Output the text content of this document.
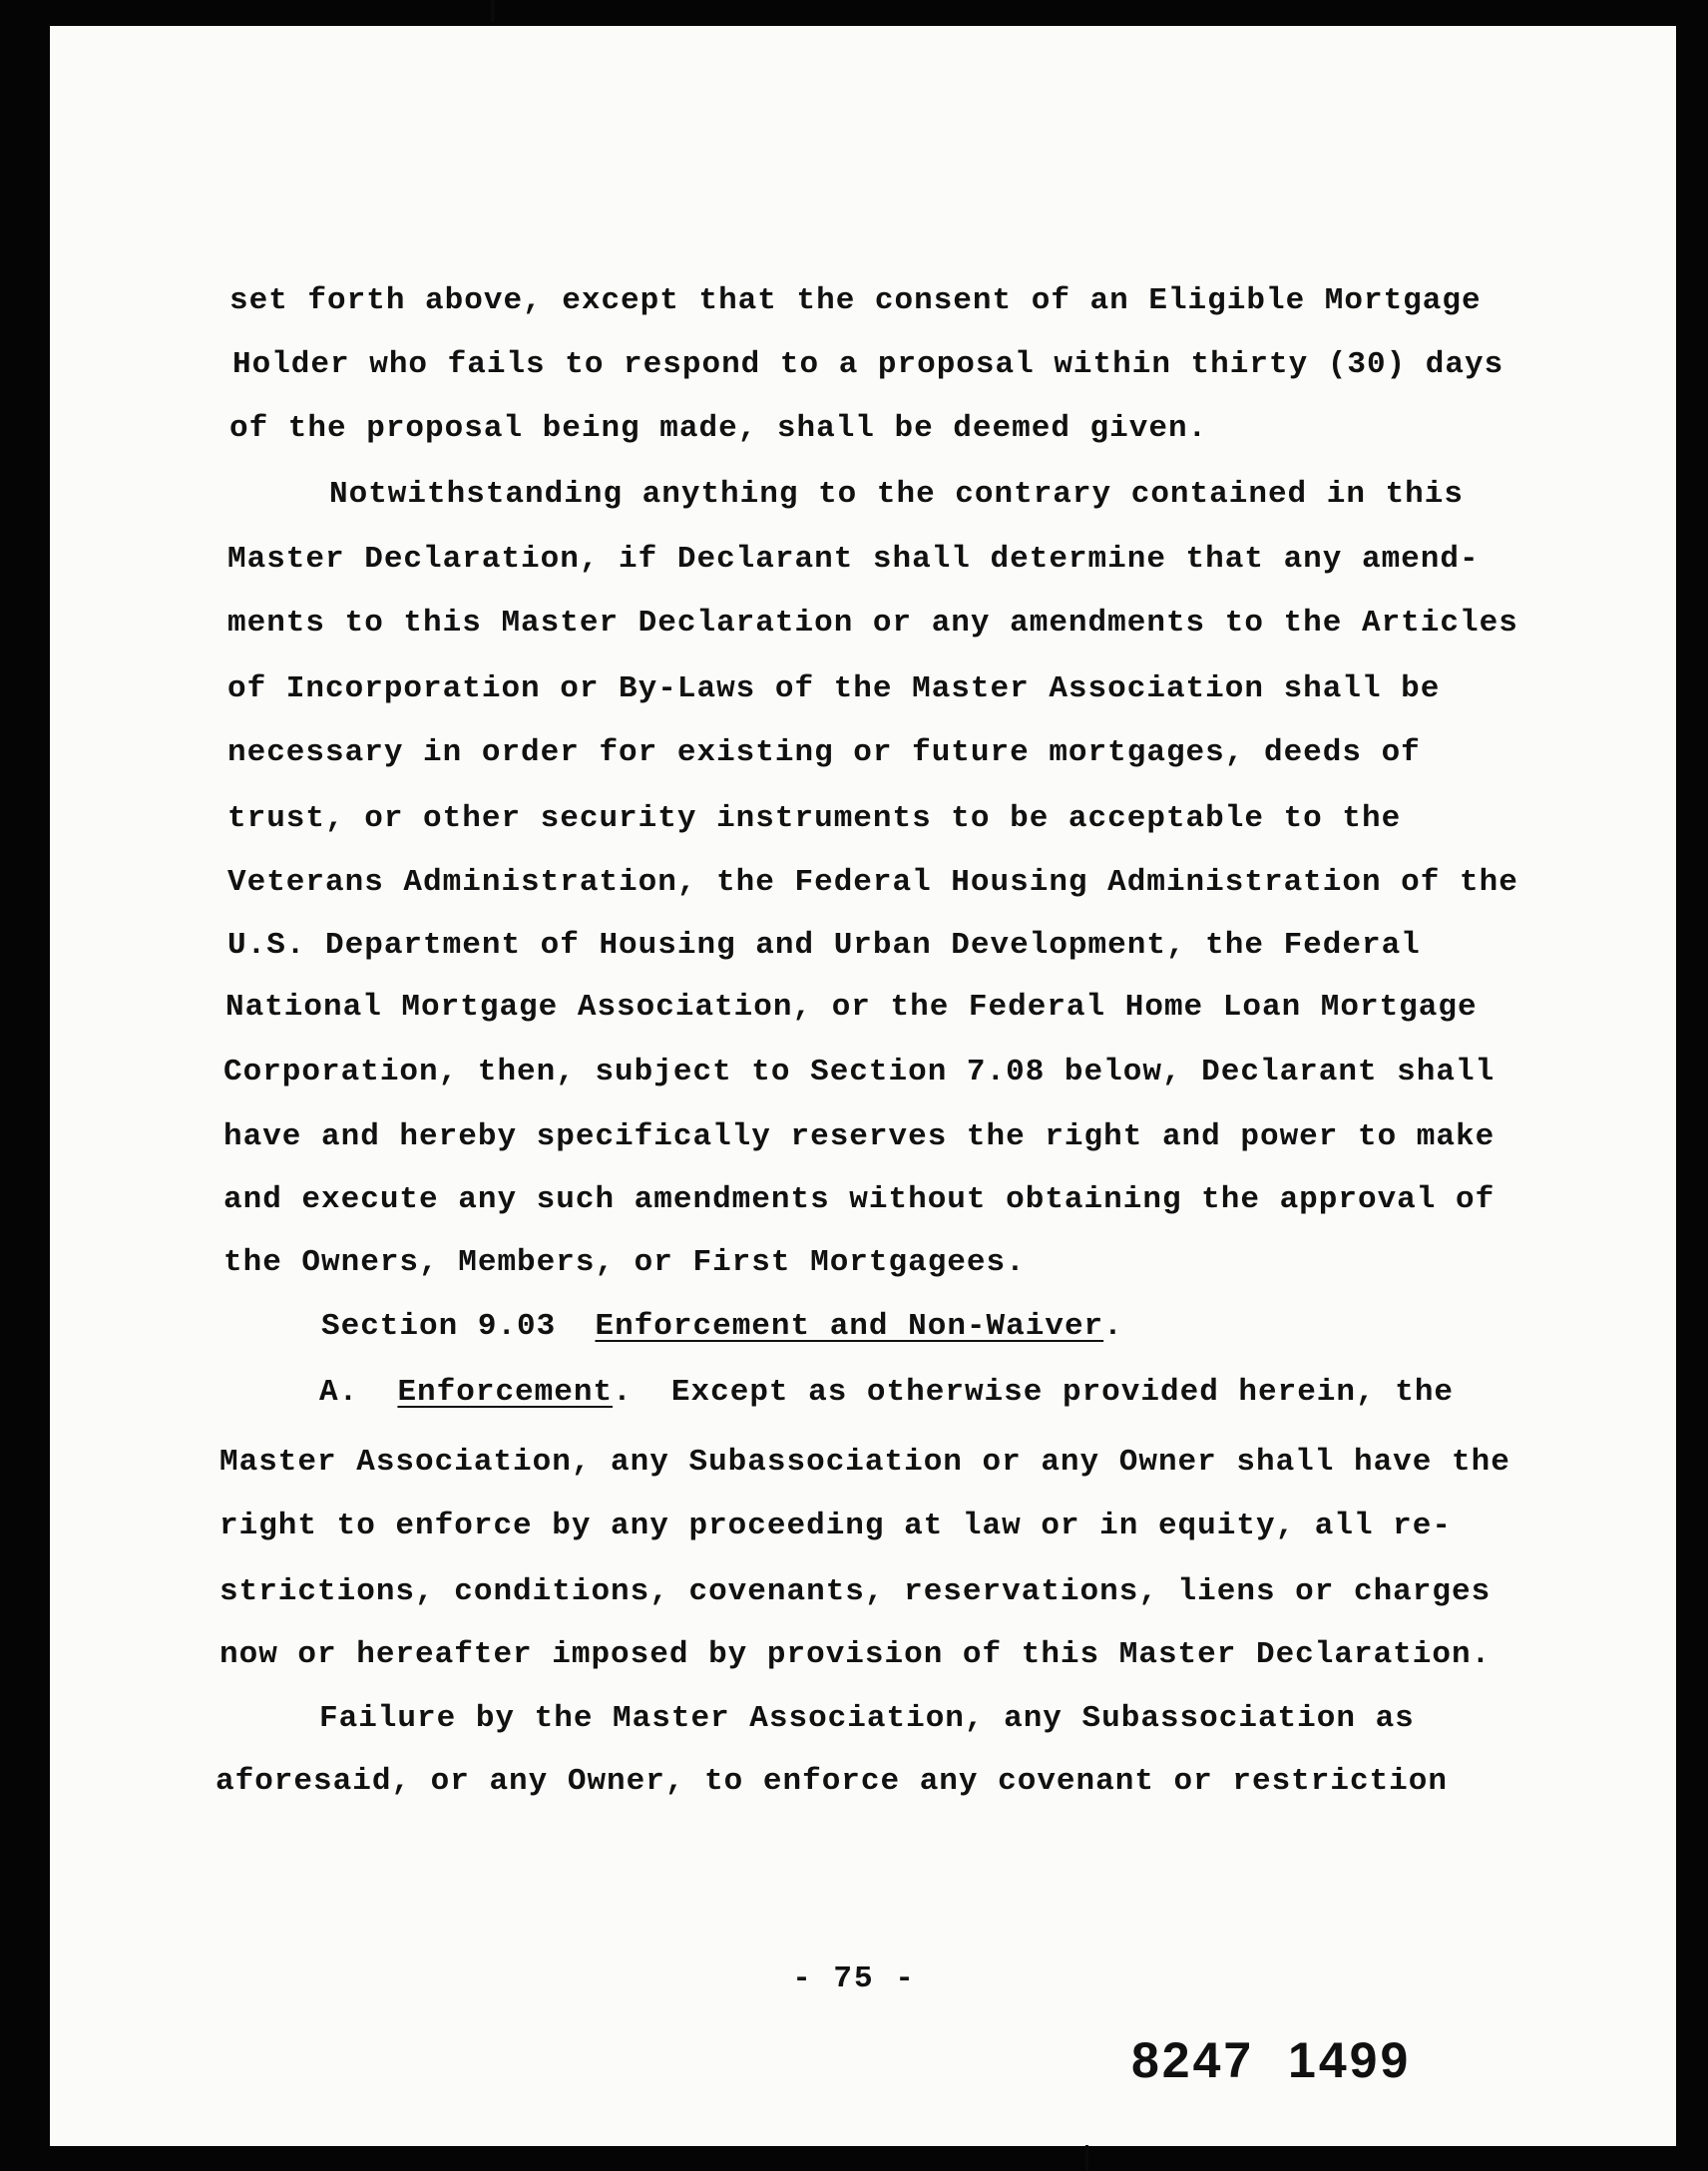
set forth above, except that the consent of an Eligible Mortgage
Holder who fails to respond to a proposal within thirty (30) days
of the proposal being made, shall be deemed given.
Notwithstanding anything to the contrary contained in this
Master Declaration, if Declarant shall determine that any amend-
ments to this Master Declaration or any amendments to the Articles
of Incorporation or By-Laws of the Master Association shall be
necessary in order for existing or future mortgages, deeds of
trust, or other security instruments to be acceptable to the
Veterans Administration, the Federal Housing Administration of the
U.S. Department of Housing and Urban Development, the Federal
National Mortgage Association, or the Federal Home Loan Mortgage
Corporation, then, subject to Section 7.08 below, Declarant shall
have and hereby specifically reserves the right and power to make
and execute any such amendments without obtaining the approval of
the Owners, Members, or First Mortgagees.
Section 9.03 Enforcement and Non-Waiver.
A. Enforcement. Except as otherwise provided herein, the
Master Association, any Subassociation or any Owner shall have the
right to enforce by any proceeding at law or in equity, all re-
strictions, conditions, covenants, reservations, liens or charges
now or hereafter imposed by provision of this Master Declaration.
Failure by the Master Association, any Subassociation as
aforesaid, or any Owner, to enforce any covenant or restriction
- 75 -
8247 1499
